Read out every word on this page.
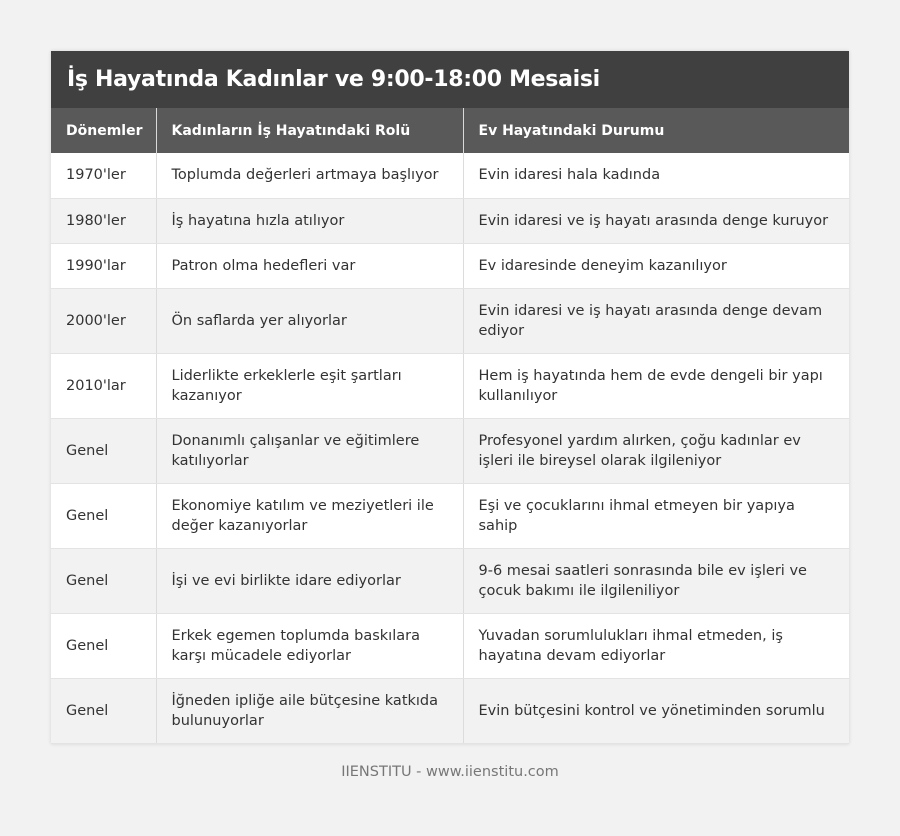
İş Hayatında Kadınlar ve 9:00-18:00 Mesaisi
Dönemler	Kadınların İş Hayatındaki Rolü	Ev Hayatındaki Durumu
1970'ler	Toplumda değerleri artmaya başlıyor	Evin idaresi hala kadında
1980'ler	İş hayatına hızla atılıyor	Evin idaresi ve iş hayatı arasında denge kuruyor
1990'lar	Patron olma hedefleri var	Ev idaresinde deneyim kazanılıyor
2000'ler	Ön saflarda yer alıyorlar	Evin idaresi ve iş hayatı arasında denge devam ediyor
2010'lar	Liderlikte erkeklerle eşit şartları kazanıyor	Hem iş hayatında hem de evde dengeli bir yapı kullanılıyor
Genel	Donanımlı çalışanlar ve eğitimlere katılıyorlar	Profesyonel yardım alırken, çoğu kadınlar ev işleri ile bireysel olarak ilgileniyor
Genel	Ekonomiye katılım ve meziyetleri ile değer kazanıyorlar	Eşi ve çocuklarını ihmal etmeyen bir yapıya sahip
Genel	İşi ve evi birlikte idare ediyorlar	9-6 mesai saatleri sonrasında bile ev işleri ve çocuk bakımı ile ilgileniliyor
Genel	Erkek egemen toplumda baskılara karşı mücadele ediyorlar	Yuvadan sorumlulukları ihmal etmeden, iş hayatına devam ediyorlar
Genel	İğneden ipliğe aile bütçesine katkıda bulunuyorlar	Evin bütçesini kontrol ve yönetiminden sorumlu
IIENSTITU - www.iienstitu.com
